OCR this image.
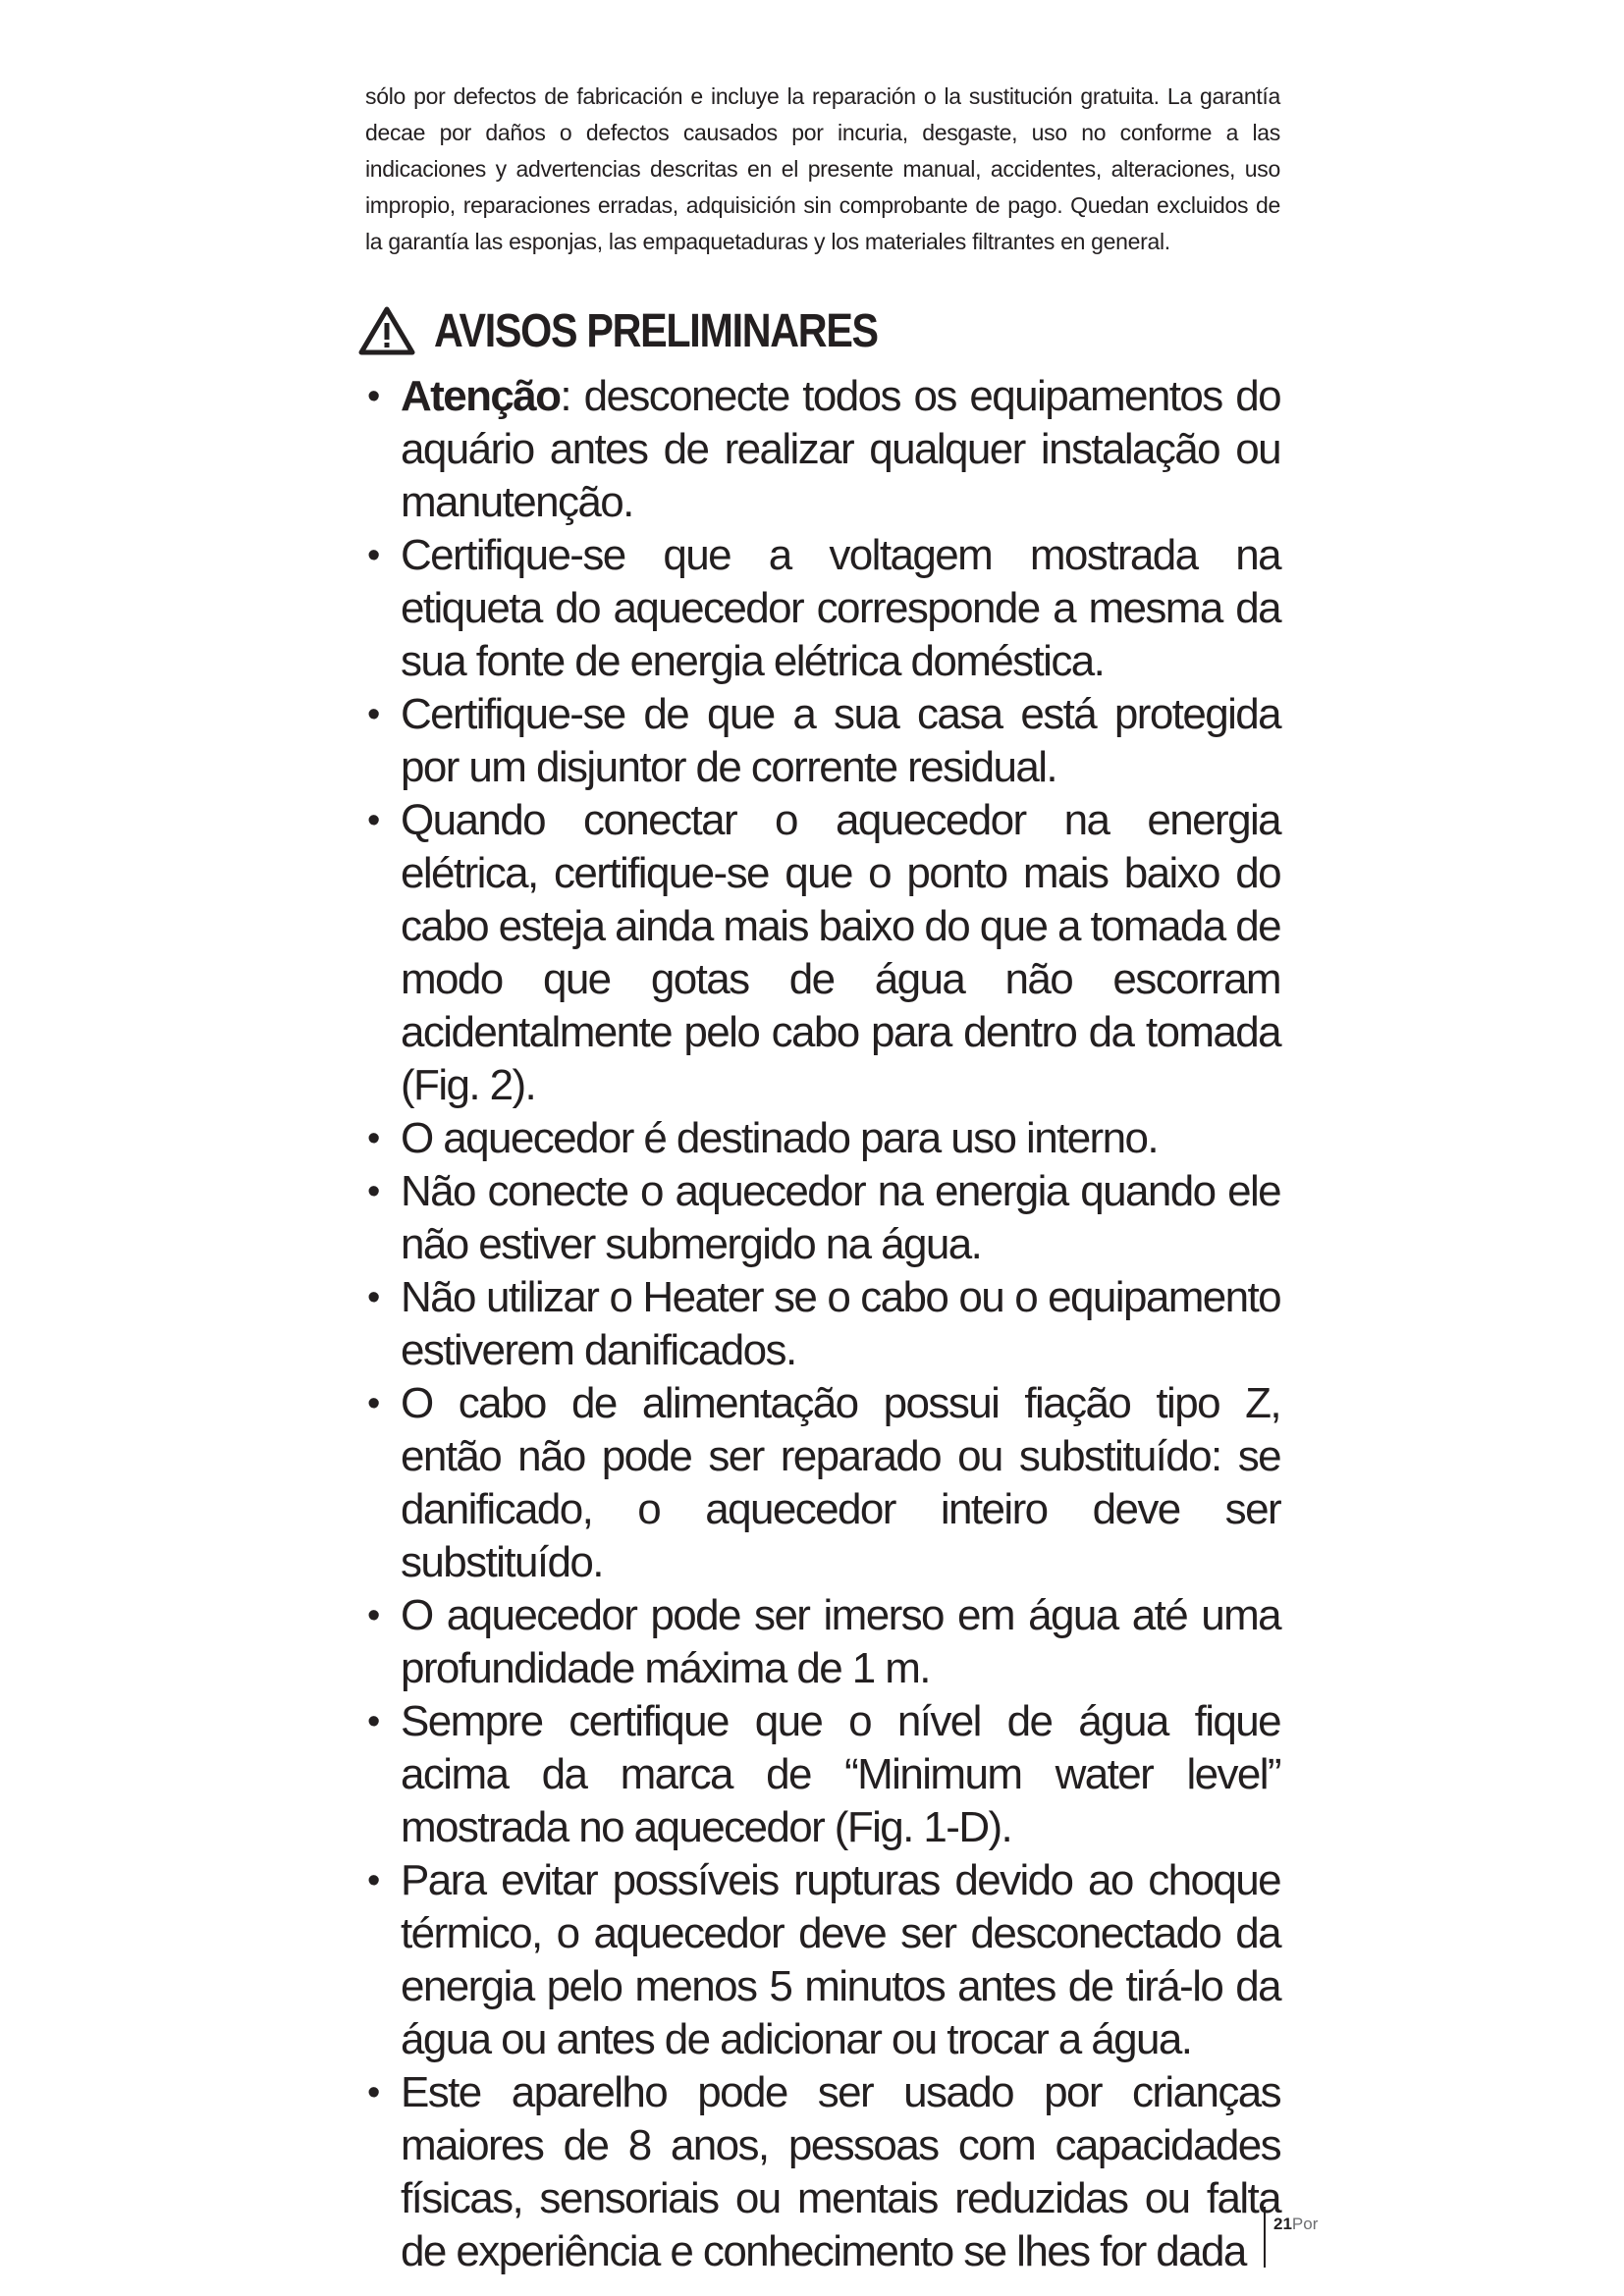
sólo por defectos de fabricación e incluye la reparación o la sustitución gratuita. La garantía decae por daños o defectos causados por incuria, desgaste, uso no conforme a las indicaciones y advertencias descritas en el presente manual, accidentes, alteraciones, uso impropio, reparaciones erradas, adquisición sin comprobante de pago. Quedan excluidos de la garantía las esponjas, las empaquetaduras y los materiales filtrantes en general.

AVISOS PRELIMINARES
• Atenção: desconecte todos os equipamentos do aquário antes de realizar qualquer instalação ou manutenção.
• Certifique-se que a voltagem mostrada na etiqueta do aquecedor corresponde a mesma da sua fonte de energia elétrica doméstica.
• Certifique-se de que a sua casa está protegida por um disjuntor de corrente residual.
• Quando conectar o aquecedor na energia elétrica, certifique-se que o ponto mais baixo do cabo esteja ainda mais baixo do que a tomada de modo que gotas de água não escorram acidentalmente pelo cabo para dentro da tomada (Fig. 2).
• O aquecedor é destinado para uso interno.
• Não conecte o aquecedor na energia quando ele não estiver submergido na água.
• Não utilizar o Heater se o cabo ou o equipamento estiverem danificados.
• O cabo de alimentação possui fiação tipo Z, então não pode ser reparado ou substituído: se danificado, o aquecedor inteiro deve ser substituído.
• O aquecedor pode ser imerso em água até uma profundidade máxima de 1 m.
• Sempre certifique que o nível de água fique acima da marca de “Minimum water level” mostrada no aquecedor (Fig. 1-D).
• Para evitar possíveis rupturas devido ao choque térmico, o aquecedor deve ser desconectado da energia pelo menos 5 minutos antes de tirá-lo da água ou antes de adicionar ou trocar a água.
• Este aparelho pode ser usado por crianças maiores de 8 anos, pessoas com capacidades físicas, sensoriais ou mentais reduzidas ou falta de experiência e conhecimento se lhes for dada
21Por
